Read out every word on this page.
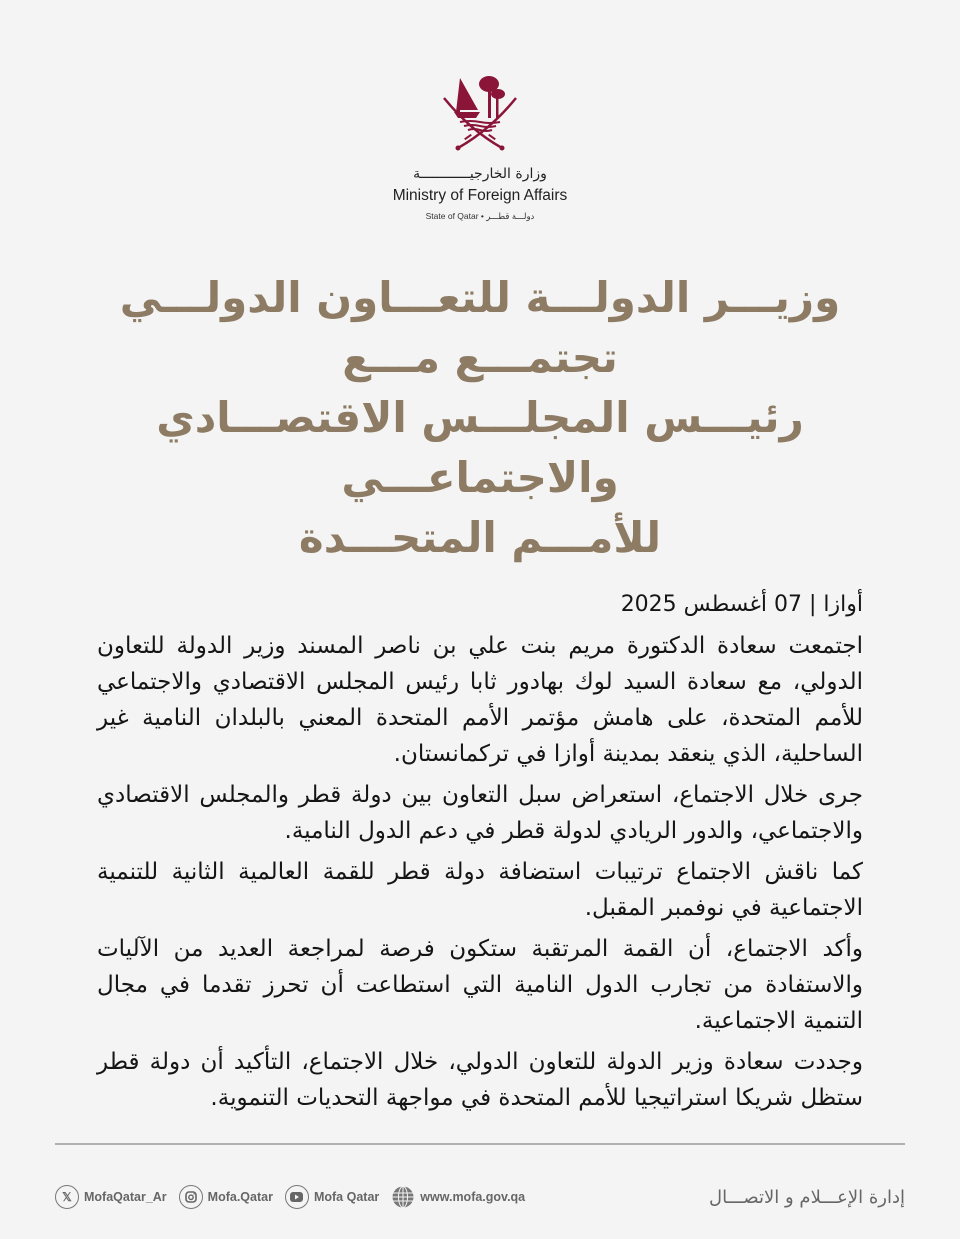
وزارة الخارجيــــــــــــة
Ministry of Foreign Affairs
State of Qatar • دولـــة قطـــر
وزيـــر الدولـــة للتعـــاون الدولـــي تجتمـــع مـــع
رئيـــس المجلـــس الاقتصـــادي والاجتماعـــي
للأمـــم المتحـــدة
أوازا | 07 أغسطس 2025

اجتمعت سعادة الدكتورة مريم بنت علي بن ناصر المسند وزير الدولة للتعاون الدولي، مع سعادة السيد لوك بهادور ثابا رئيس المجلس الاقتصادي والاجتماعي للأمم المتحدة، على هامش مؤتمر الأمم المتحدة المعني بالبلدان النامية غير الساحلية، الذي ينعقد بمدينة أوازا في تركمانستان.

جرى خلال الاجتماع، استعراض سبل التعاون بين دولة قطر والمجلس الاقتصادي والاجتماعي، والدور الريادي لدولة قطر في دعم الدول النامية.

كما ناقش الاجتماع ترتيبات استضافة دولة قطر للقمة العالمية الثانية للتنمية الاجتماعية في نوفمبر المقبل.

وأكد الاجتماع، أن القمة المرتقبة ستكون فرصة لمراجعة العديد من الآليات والاستفادة من تجارب الدول النامية التي استطاعت أن تحرز تقدما في مجال التنمية الاجتماعية.

وجددت سعادة وزير الدولة للتعاون الدولي، خلال الاجتماع، التأكيد أن دولة قطر ستظل شريكا استراتيجيا للأمم المتحدة في مواجهة التحديات التنموية.

𝕏 MofaQatar_Ar	Mofa.Qatar	Mofa Qatar	www.mofa.gov.qa	إدارة الإعـــلام و الاتصـــال
